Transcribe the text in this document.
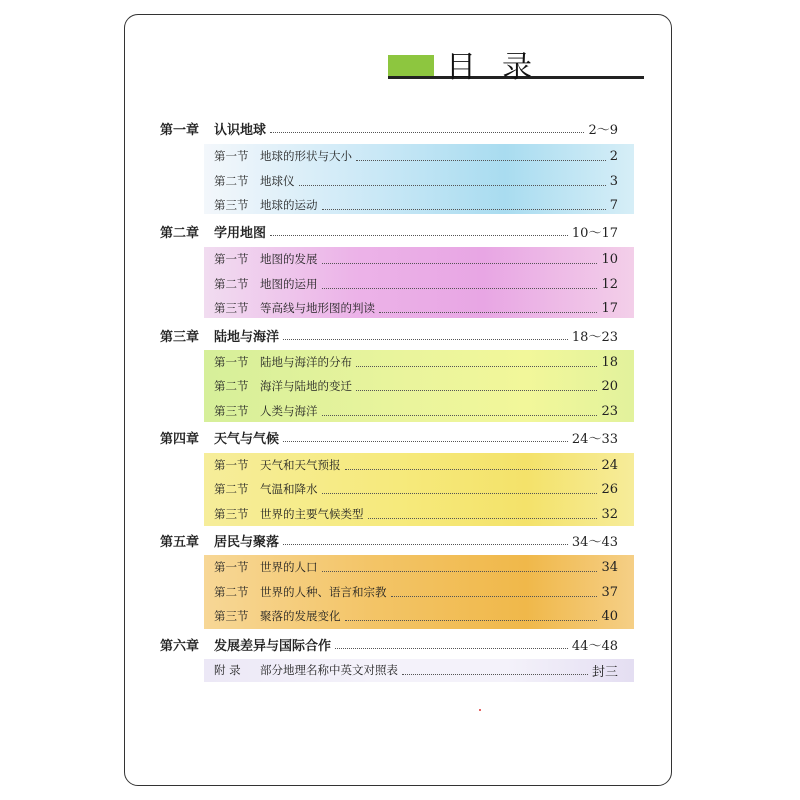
目录
第一章	认识地球	2～9
第一节	地球的形状与大小	2
第二节	地球仪	3
第三节	地球的运动	7
第二章	学用地图	10～17
第一节	地图的发展	10
第二节	地图的运用	12
第三节	等高线与地形图的判读	17
第三章	陆地与海洋	18～23
第一节	陆地与海洋的分布	18
第二节	海洋与陆地的变迁	20
第三节	人类与海洋	23
第四章	天气与气候	24～33
第一节	天气和天气预报	24
第二节	气温和降水	26
第三节	世界的主要气候类型	32
第五章	居民与聚落	34～43
第一节	世界的人口	34
第二节	世界的人种、语言和宗教	37
第三节	聚落的发展变化	40
第六章	发展差异与国际合作	44～48
附 录	部分地理名称中英文对照表	封三
